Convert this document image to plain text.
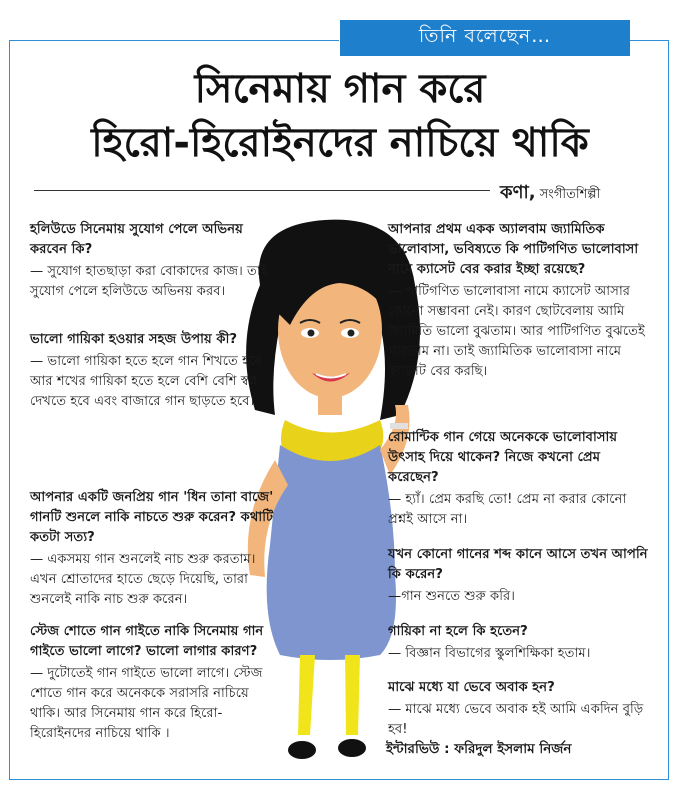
তিনি বলেছেন…
সিনেমায় গান করে
হিরো-হিরোইনদের নাচিয়ে থাকি
কণা, সংগীতশিল্পী

হলিউডে সিনেমায় সুযোগ পেলে অভিনয় করবেন কি?

— সুযোগ হাতছাড়া করা বোকাদের কাজ। তাই সুযোগ পেলে হলিউডে অভিনয় করব।

ভালো গায়িকা হওয়ার সহজ উপায় কী?

— ভালো গায়িকা হতে হলে গান শিখতে হবে আর শখের গায়িকা হতে হলে বেশি বেশি স্বপ্ন দেখতে হবে এবং বাজারে গান ছাড়তে হবে।

আপনার একটি জনপ্রিয় গান 'ধিন তানা বাজে' গানটি শুনলে নাকি নাচতে শুরু করেন? কথাটি কতটা সত্য?

— একসময় গান শুনলেই নাচ শুরু করতাম। এখন শ্রোতাদের হাতে ছেড়ে দিয়েছি, তারা শুনলেই নাকি নাচ শুরু করেন।

স্টেজ শোতে গান গাইতে নাকি সিনেমায় গান গাইতে ভালো লাগে? ভালো লাগার কারণ?

— দুটোতেই গান গাইতে ভালো লাগে। স্টেজ শোতে গান করে অনেককে সরাসরি নাচিয়ে থাকি। আর সিনেমায় গান করে হিরো-হিরোইনদের নাচিয়ে থাকি ।

আপনার প্রথম একক অ্যালবাম জ্যামিতিক ভালোবাসা, ভবিষ্যতে কি পাটিগণিত ভালোবাসা নামে ক্যাসেট বের করার ইচ্ছা রয়েছে?

— পাটিগণিত ভালোবাসা নামে ক্যাসেট আসার কোনো সম্ভাবনা নেই। কারণ ছোটবেলায় আমি জ্যামিতি ভালো বুঝতাম। আর পাটিগণিত বুঝতেই পারতাম না। তাই জ্যামিতিক ভালোবাসা নামে ক্যাসেট বের করছি।

রোমান্টিক গান গেয়ে অনেককে ভালোবাসায় উৎসাহ দিয়ে থাকেন? নিজে কখনো প্রেম করেছেন?

— হ্যাঁ। প্রেম করছি তো! প্রেম না করার কোনো প্রশ্নই আসে না।

যখন কোনো গানের শব্দ কানে আসে তখন আপনি কি করেন?

—গান শুনতে শুরু করি।

গায়িকা না হলে কি হতেন?

— বিজ্ঞান বিভাগের স্কুলশিক্ষিকা হতাম।

মাঝে মধ্যে যা ভেবে অবাক হন?

— মাঝে মধ্যে ভেবে অবাক হই আমি একদিন বুড়ি হব!

ইন্টারভিউ : ফরিদুল ইসলাম নির্জন
